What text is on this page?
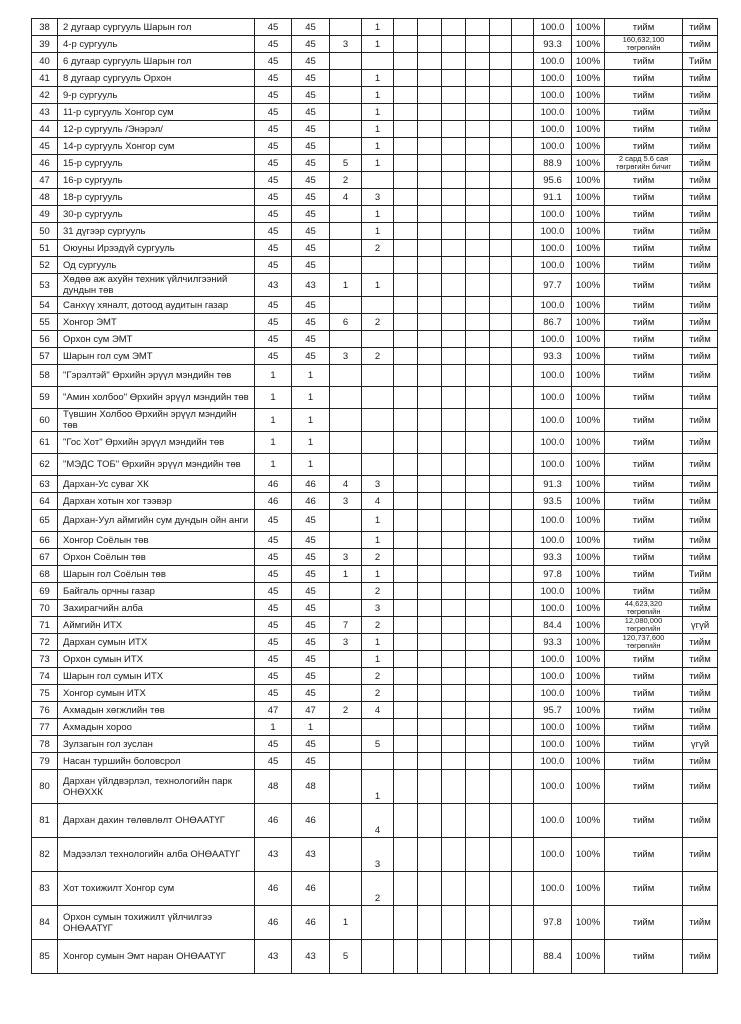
38	2 дугаар сургууль Шарын гол	45	45		1							100.0	100%	тийм	тийм
39	4-р сургууль	45	45	3	1							93.3	100%	160,632,100 төгрөгийн	тийм
40	6 дугаар сургууль Шарын гол	45	45									100.0	100%	тийм	Тийм
41	8 дугаар сургууль Орхон	45	45		1							100.0	100%	тийм	тийм
42	9-р сургууль	45	45		1							100.0	100%	тийм	тийм
43	11-р сургууль Хонгор сум	45	45		1							100.0	100%	тийм	тийм
44	12-р сургууль /Энэрэл/	45	45		1							100.0	100%	тийм	тийм
45	14-р сургууль Хонгор сум	45	45		1							100.0	100%	тийм	тийм
46	15-р сургууль	45	45	5	1							88.9	100%	2 сард 5.6 сая төгрөгийн бичиг	тийм
47	16-р сургууль	45	45	2								95.6	100%	тийм	тийм
48	18-р сургууль	45	45	4	3							91.1	100%	тийм	тийм
49	30-р сургууль	45	45		1							100.0	100%	тийм	тийм
50	31 дүгээр сургууль	45	45		1							100.0	100%	тийм	тийм
51	Оюуны Ирээдүй сургууль	45	45		2							100.0	100%	тийм	тийм
52	Од сургууль	45	45									100.0	100%	тийм	тийм
53	Хөдөө аж ахуйн техник үйлчилгээний дундын төв	43	43	1	1							97.7	100%	тийм	тийм
54	Санхүү хяналт, дотоод аудитын газар	45	45									100.0	100%	тийм	тийм
55	Хонгор ЭМТ	45	45	6	2							86.7	100%	тийм	тийм
56	Орхон сум ЭМТ	45	45									100.0	100%	тийм	тийм
57	Шарын гол сум ЭМТ	45	45	3	2							93.3	100%	тийм	тийм
58	"Гэрэлтэй" Өрхийн эрүүл мэндийн төв	1	1									100.0	100%	тийм	тийм
59	"Амин холбоо" Өрхийн эрүүл мэндийн төв	1	1									100.0	100%	тийм	тийм
60	Түвшин Холбоо Өрхийн эрүүл мэндийн төв	1	1									100.0	100%	тийм	тийм
61	"Гос Хот" Өрхийн эрүүл мэндийн төв	1	1									100.0	100%	тийм	тийм
62	"МЭДС ТОБ" Өрхийн эрүүл мэндийн төв	1	1									100.0	100%	тийм	тийм
63	Дархан-Ус суваг ХК	46	46	4	3							91.3	100%	тийм	тийм
64	Дархан хотын хог тээвэр	46	46	3	4							93.5	100%	тийм	тийм
65	Дархан-Уул аймгийн сум дундын ойн анги	45	45		1							100.0	100%	тийм	тийм
66	Хонгор Соёлын төв	45	45		1							100.0	100%	тийм	тийм
67	Орхон Соёлын төв	45	45	3	2							93.3	100%	тийм	тийм
68	Шарын гол Соёлын төв	45	45	1	1							97.8	100%	тийм	Тийм
69	Байгаль орчны газар	45	45		2							100.0	100%	тийм	тийм
70	Захирагчийн алба	45	45		3							100.0	100%	44,623,320 төгрөгийн	тийм
71	Аймгийн ИТХ	45	45	7	2							84.4	100%	12,080,000 төгрөгийн	үгүй
72	Дархан сумын ИТХ	45	45	3	1							93.3	100%	120,737,600 төгрөгийн	тийм
73	Орхон сумын ИТХ	45	45		1							100.0	100%	тийм	тийм
74	Шарын гол сумын ИТХ	45	45		2							100.0	100%	тийм	тийм
75	Хонгор сумын ИТХ	45	45		2							100.0	100%	тийм	тийм
76	Ахмадын хөгжлийн төв	47	47	2	4							95.7	100%	тийм	тийм
77	Ахмадын хороо	1	1									100.0	100%	тийм	тийм
78	Зулзагын гол зуслан	45	45		5							100.0	100%	тийм	үгүй
79	Насан туршийн боловсрол	45	45									100.0	100%	тийм	тийм
80	Дархан үйлдвэрлэл, технологийн парк ОНӨХХК	48	48		1							100.0	100%	тийм	тийм
81	Дархан дахин төлөвлөлт ОНӨААТҮГ	46	46		4							100.0	100%	тийм	тийм
82	Мэдээлэл технологийн алба ОНӨААТҮГ	43	43		3							100.0	100%	тийм	тийм
83	Хот тохижилт Хонгор сум	46	46		2							100.0	100%	тийм	тийм
84	Орхон сумын тохижилт үйлчилгээ ОНӨААТҮГ	46	46	1								97.8	100%	тийм	тийм
85	Хонгор сумын Эмт наран ОНӨААТҮГ	43	43	5								88.4	100%	тийм	тийм
